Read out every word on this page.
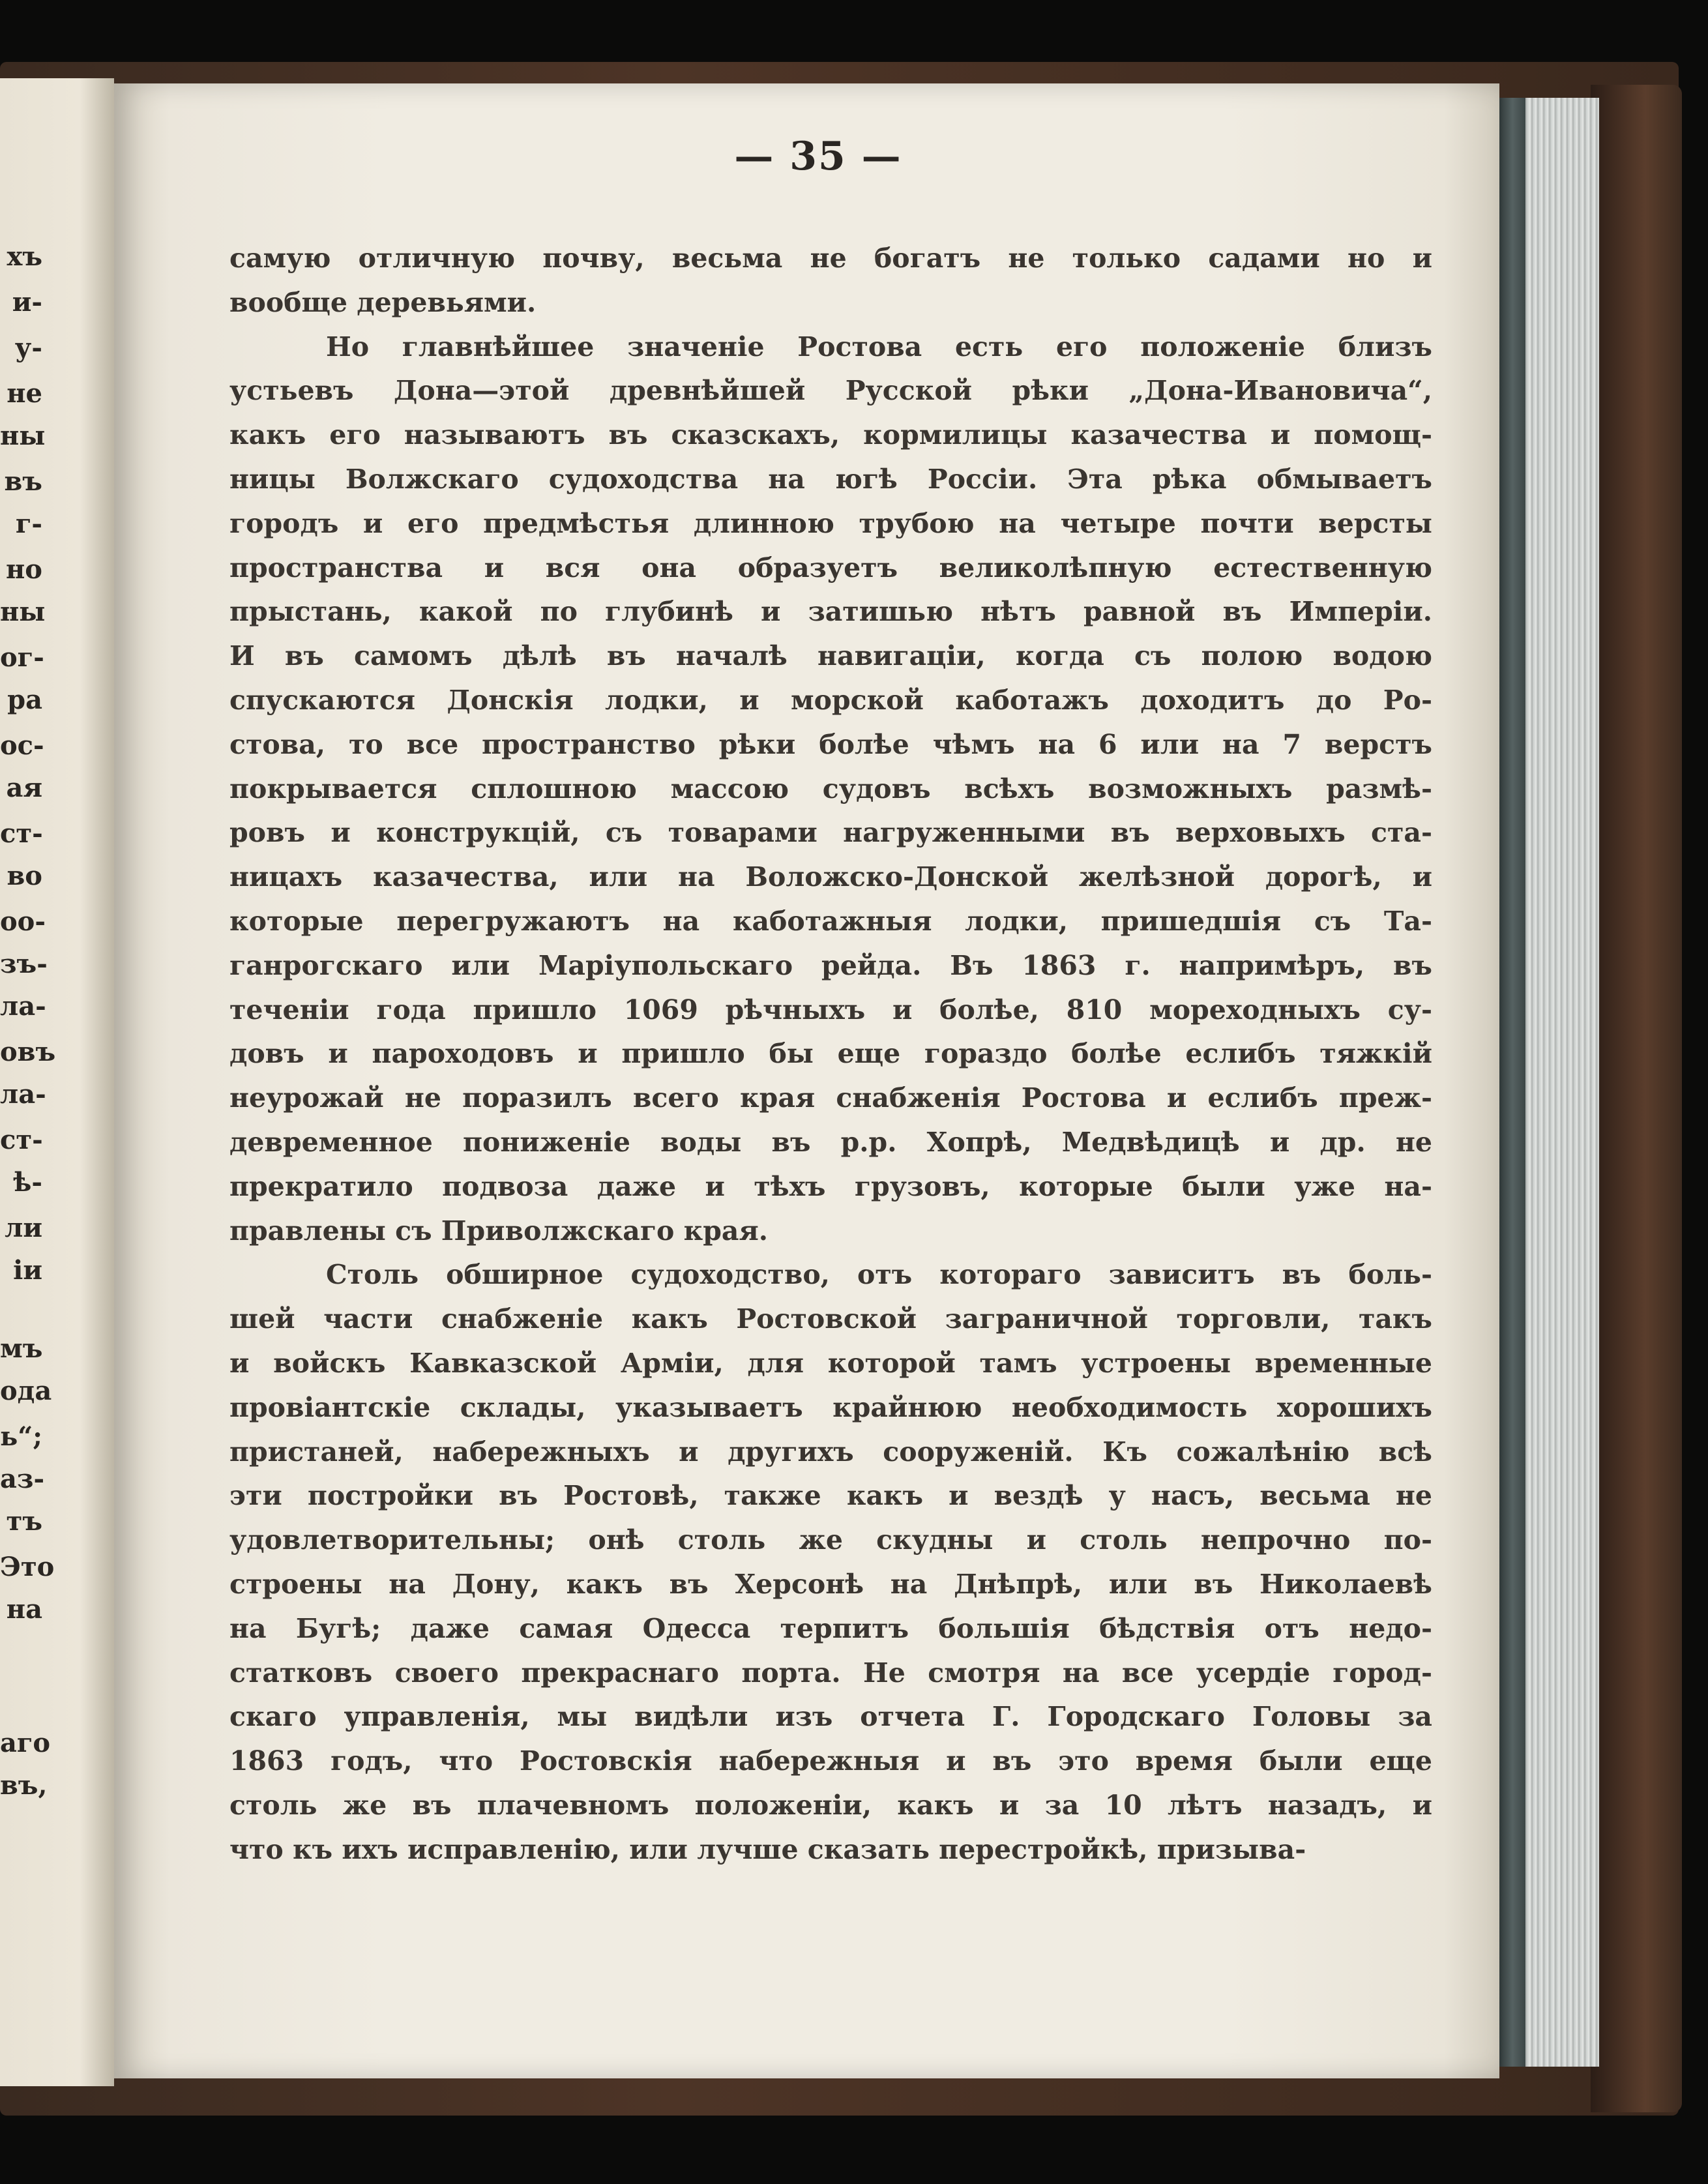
хъ
и-
у-
не
ны
въ
г-
но
ны
ог-
ра
ос-
ая
ст-
во
оо-
зъ-
ла-
овъ
ла-
ст-
ѣ-
ли
іи
мъ
ода
ь“;
аз-
тъ
Это
на
аго
въ,
— 35 —
самую отличную почву, весьма не богатъ не только садами но и
вообще деревьями.
Но главнѣйшее значеніе Ростова есть его положеніе близъ
устьевъ Дона—этой древнѣйшей Русской рѣки „Дона-Ивановича“,
какъ его называютъ въ сказскахъ, кормилицы казачества и помощ-
ницы Волжскаго судоходства на югѣ Россіи. Эта рѣка обмываетъ
городъ и его предмѣстья длинною трубою на четыре почти версты
пространства и вся она образуетъ великолѣпную естественную
прыстань, какой по глубинѣ и затишью нѣтъ равной въ Имперіи.
И въ самомъ дѣлѣ въ началѣ навигаціи, когда съ полою водою
спускаются Донскія лодки, и морской каботажъ доходитъ до Ро-
стова, то все пространство рѣки болѣе чѣмъ на 6 или на 7 верстъ
покрывается сплошною массою судовъ всѣхъ возможныхъ размѣ-
ровъ и конструкцій, съ товарами нагруженными въ верховыхъ ста-
ницахъ казачества, или на Воложско-Донской желѣзной дорогѣ, и
которые перегружаютъ на каботажныя лодки, пришедшія съ Та-
ганрогскаго или Маріупольскаго рейда. Въ 1863 г. напримѣръ, въ
теченіи года пришло 1069 рѣчныхъ и болѣе, 810 мореходныхъ су-
довъ и пароходовъ и пришло бы еще гораздо болѣе еслибъ тяжкій
неурожай не поразилъ всего края снабженія Ростова и еслибъ преж-
девременное пониженіе воды въ р.р. Хопрѣ, Медвѣдицѣ и др. не
прекратило подвоза даже и тѣхъ грузовъ, которые были уже на-
правлены съ Приволжскаго края.
Столь обширное судоходство, отъ котораго зависитъ въ боль-
шей части снабженіе какъ Ростовской заграничной торговли, такъ
и войскъ Кавказской Арміи, для которой тамъ устроены временные
провіантскіе склады, указываетъ крайнюю необходимость хорошихъ
пристаней, набережныхъ и другихъ сооруженій. Къ сожалѣнію всѣ
эти постройки въ Ростовѣ, также какъ и вездѣ у насъ, весьма не
удовлетворительны; онѣ столь же скудны и столь непрочно по-
строены на Дону, какъ въ Херсонѣ на Днѣпрѣ, или въ Николаевѣ
на Бугѣ; даже самая Одесса терпитъ большія бѣдствія отъ недо-
статковъ своего прекраснаго порта. Не смотря на все усердіе город-
скаго управленія, мы видѣли изъ отчета Г. Городскаго Головы за
1863 годъ, что Ростовскія набережныя и въ это время были еще
столь же въ плачевномъ положеніи, какъ и за 10 лѣтъ назадъ, и
что къ ихъ исправленію, или лучше сказать перестройкѣ, призыва-
